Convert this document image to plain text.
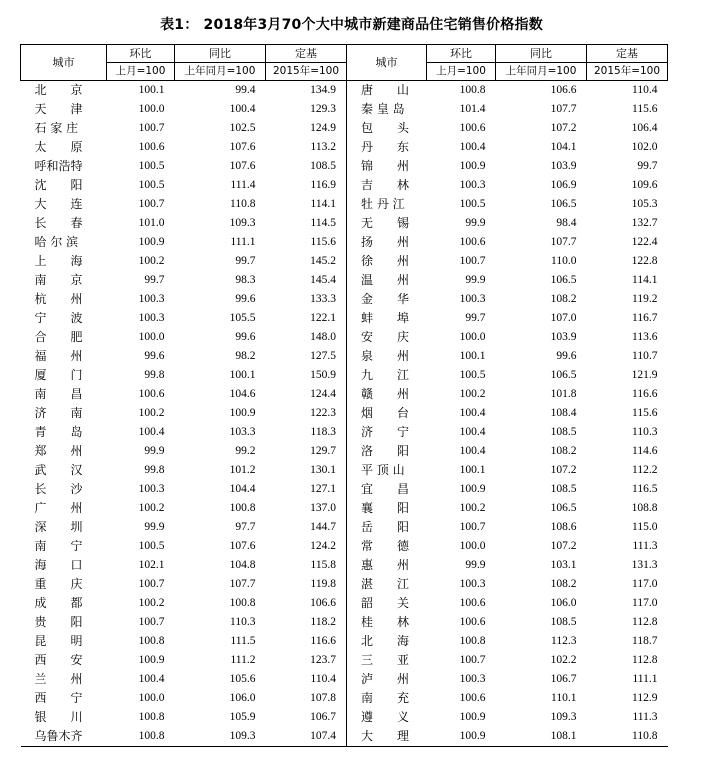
表1： 2018年3月70个大中城市新建商品住宅销售价格指数
城市	环比	同比	定基	城市	环比	同比	定基
	上月=100	上年同月=100	2015年=100		上月=100	上年同月=100	2015年=100
北　　京	100.1	99.4	134.9	唐　　山	100.8	106.6	110.4
天　　津	100.0	100.4	129.3	秦 皇 岛	101.4	107.7	115.6
石 家 庄	100.7	102.5	124.9	包　　头	100.6	107.2	106.4
太　　原	100.6	107.6	113.2	丹　　东	100.4	104.1	102.0
呼和浩特	100.5	107.6	108.5	锦　　州	100.9	103.9	99.7
沈　　阳	100.5	111.4	116.9	吉　　林	100.3	106.9	109.6
大　　连	100.7	110.8	114.1	牡 丹 江	100.5	106.5	105.3
长　　春	101.0	109.3	114.5	无　　锡	99.9	98.4	132.7
哈 尔 滨	100.9	111.1	115.6	扬　　州	100.6	107.7	122.4
上　　海	100.2	99.7	145.2	徐　　州	100.7	110.0	122.8
南　　京	99.7	98.3	145.4	温　　州	99.9	106.5	114.1
杭　　州	100.3	99.6	133.3	金　　华	100.3	108.2	119.2
宁　　波	100.3	105.5	122.1	蚌　　埠	99.7	107.0	116.7
合　　肥	100.0	99.6	148.0	安　　庆	100.0	103.9	113.6
福　　州	99.6	98.2	127.5	泉　　州	100.1	99.6	110.7
厦　　门	99.8	100.1	150.9	九　　江	100.5	106.5	121.9
南　　昌	100.6	104.6	124.4	赣　　州	100.2	101.8	116.6
济　　南	100.2	100.9	122.3	烟　　台	100.4	108.4	115.6
青　　岛	100.4	103.3	118.3	济　　宁	100.4	108.5	110.3
郑　　州	99.9	99.2	129.7	洛　　阳	100.4	108.2	114.6
武　　汉	99.8	101.2	130.1	平 顶 山	100.1	107.2	112.2
长　　沙	100.3	104.4	127.1	宜　　昌	100.9	108.5	116.5
广　　州	100.2	100.8	137.0	襄　　阳	100.2	106.5	108.8
深　　圳	99.9	97.7	144.7	岳　　阳	100.7	108.6	115.0
南　　宁	100.5	107.6	124.2	常　　德	100.0	107.2	111.3
海　　口	102.1	104.8	115.8	惠　　州	99.9	103.1	131.3
重　　庆	100.7	107.7	119.8	湛　　江	100.3	108.2	117.0
成　　都	100.2	100.8	106.6	韶　　关	100.6	106.0	117.0
贵　　阳	100.7	110.3	118.2	桂　　林	100.6	108.5	112.8
昆　　明	100.8	111.5	116.6	北　　海	100.8	112.3	118.7
西　　安	100.9	111.2	123.7	三　　亚	100.7	102.2	112.8
兰　　州	100.4	105.6	110.4	泸　　州	100.3	106.7	111.1
西　　宁	100.0	106.0	107.8	南　　充	100.6	110.1	112.9
银　　川	100.8	105.9	106.7	遵　　义	100.9	109.3	111.3
乌鲁木齐	100.8	109.3	107.4	大　　理	100.9	108.1	110.8
